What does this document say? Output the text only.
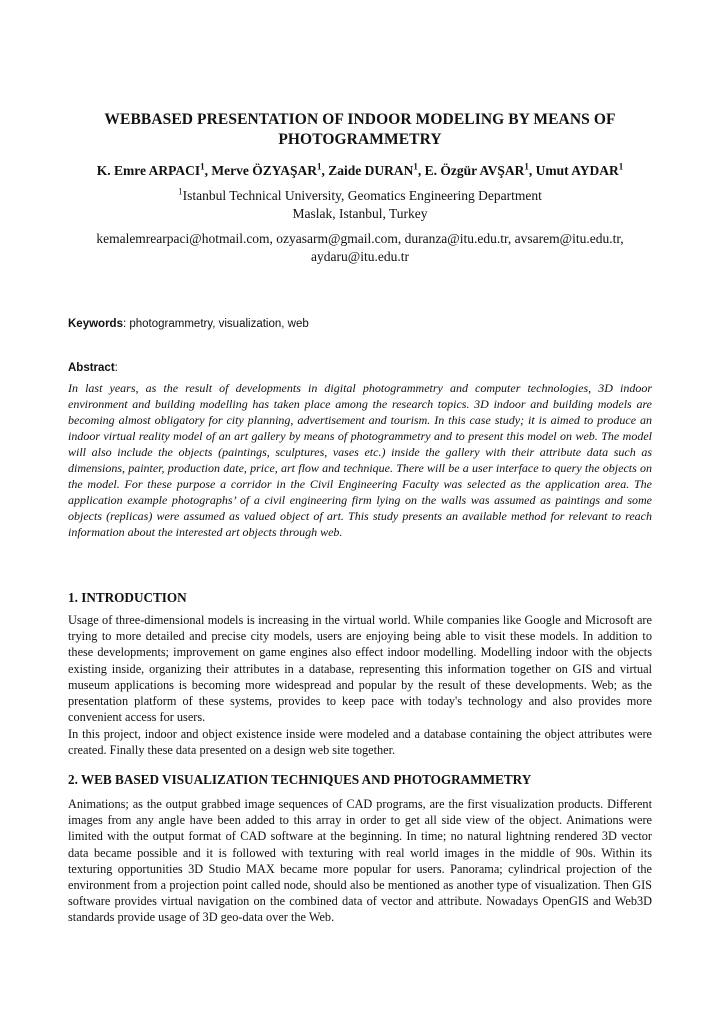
WEBBASED PRESENTATION OF INDOOR MODELING BY MEANS OF PHOTOGRAMMETRY
K. Emre ARPACI$^1$, Merve ÖZYAŞAR$^1$, Zaide DURAN$^1$, E. Özgür AVŞAR$^1$, Umut AYDAR$^1$
$^1$Istanbul Technical University, Geomatics Engineering Department
Maslak, Istanbul, Turkey
kemalemrearpaci@hotmail.com, ozyasarm@gmail.com, duranza@itu.edu.tr, avsarem@itu.edu.tr, aydaru@itu.edu.tr
Keywords: photogrammetry, visualization, web
Abstract:

In last years, as the result of developments in digital photogrammetry and computer technologies, 3D indoor environment and building modelling has taken place among the research topics. 3D indoor and building models are becoming almost obligatory for city planning, advertisement and tourism. In this case study; it is aimed to produce an indoor virtual reality model of an art gallery by means of photogrammetry and to present this model on web. The model will also include the objects (paintings, sculptures, vases etc.) inside the gallery with their attribute data such as dimensions, painter, production date, price, art flow and technique. There will be a user interface to query the objects on the model. For these purpose a corridor in the Civil Engineering Faculty was selected as the application area. The application example photographs’ of a civil engineering firm lying on the walls was assumed as paintings and some objects (replicas) were assumed as valued object of art. This study presents an available method for relevant to reach information about the interested art objects through web.

1. INTRODUCTION

Usage of three-dimensional models is increasing in the virtual world. While companies like Google and Microsoft are trying to more detailed and precise city models, users are enjoying being able to visit these models. In addition to these developments; improvement on game engines also effect indoor modelling. Modelling indoor with the objects existing inside, organizing their attributes in a database, representing this information together on GIS and virtual museum applications is becoming more widespread and popular by the result of these developments. Web; as the presentation platform of these systems, provides to keep pace with today's technology and also provides more convenient access for users.

In this project, indoor and object existence inside were modeled and a database containing the object attributes were created. Finally these data presented on a design web site together.

2. WEB BASED VISUALIZATION TECHNIQUES AND PHOTOGRAMMETRY

Animations; as the output grabbed image sequences of CAD programs, are the first visualization products. Different images from any angle have been added to this array in order to get all side view of the object. Animations were limited with the output format of CAD software at the beginning. In time; no natural lightning rendered 3D vector data became possible and it is followed with texturing with real world images in the middle of 90s. Within its texturing opportunities 3D Studio MAX became more popular for users. Panorama; cylindrical projection of the environment from a projection point called node, should also be mentioned as another type of visualization. Then GIS software provides virtual navigation on the combined data of vector and attribute. Nowadays OpenGIS and Web3D standards provide usage of 3D geo-data over the Web.
